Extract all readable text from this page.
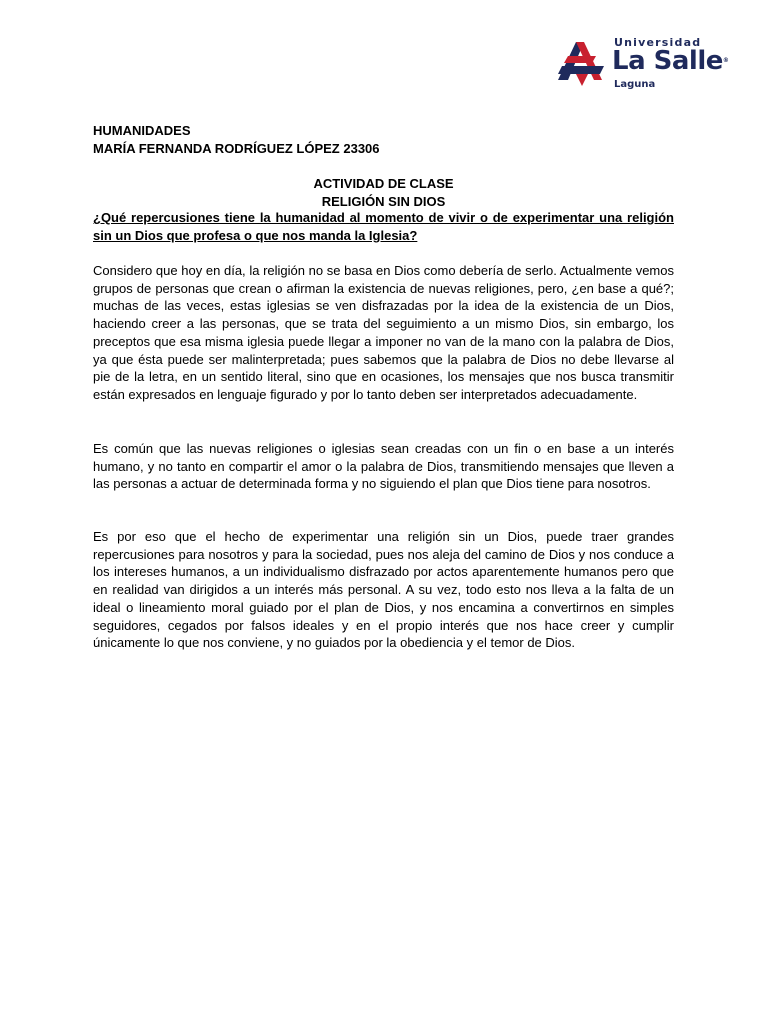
Universidad
La Salle®
Laguna
HUMANIDADES
MARÍA FERNANDA RODRÍGUEZ LÓPEZ 23306
ACTIVIDAD DE CLASE
RELIGIÓN SIN DIOS
¿Qué repercusiones tiene la humanidad al momento de vivir o de experimentar una religión sin un Dios que profesa o que nos manda la Iglesia?

Considero que hoy en día, la religión no se basa en Dios como debería de serlo. Actualmente vemos grupos de personas que crean o afirman la existencia de nuevas religiones, pero, ¿en base a qué?; muchas de las veces, estas iglesias se ven disfrazadas por la idea de la existencia de un Dios, haciendo creer a las personas, que se trata del seguimiento a un mismo Dios, sin embargo, los preceptos que esa misma iglesia puede llegar a imponer no van de la mano con la palabra de Dios, ya que ésta puede ser malinterpretada; pues sabemos que la palabra de Dios no debe llevarse al pie de la letra, en un sentido literal, sino que en ocasiones, los mensajes que nos busca transmitir están expresados en lenguaje figurado y por lo tanto deben ser interpretados adecuadamente.

Es común que las nuevas religiones o iglesias sean creadas con un fin o en base a un interés humano, y no tanto en compartir el amor o la palabra de Dios, transmitiendo mensajes que lleven a las personas a actuar de determinada forma y no siguiendo el plan que Dios tiene para nosotros.

Es por eso que el hecho de experimentar una religión sin un Dios, puede traer grandes repercusiones para nosotros y para la sociedad, pues nos aleja del camino de Dios y nos conduce a los intereses humanos, a un individualismo disfrazado por actos aparentemente humanos pero que en realidad van dirigidos a un interés más personal. A su vez, todo esto nos lleva a la falta de un ideal o lineamiento moral guiado por el plan de Dios, y nos encamina a convertirnos en simples seguidores, cegados por falsos ideales y en el propio interés que nos hace creer y cumplir únicamente lo que nos conviene, y no guiados por la obediencia y el temor de Dios.
